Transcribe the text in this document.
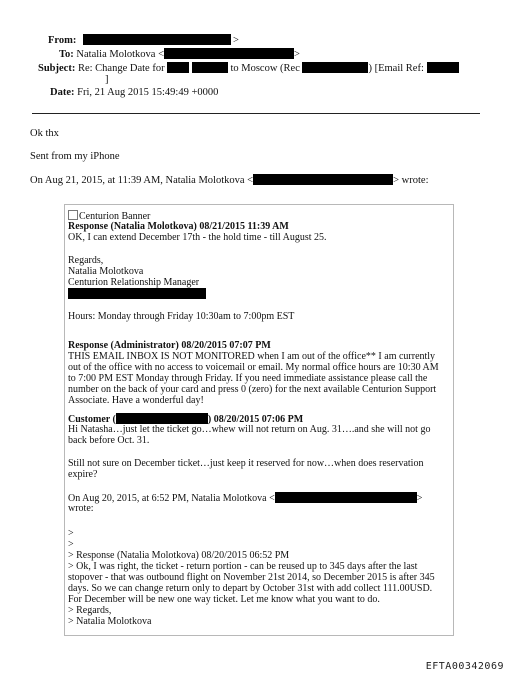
From:	>
To: Natalia Molotkova <	>
Subject: Re: Change Date for	to Moscow (Rec	) [Email Ref:
]
Date: Fri, 21 Aug 2015 15:49:49 +0000
Ok thx
Sent from my iPhone
On Aug 21, 2015, at 11:39 AM, Natalia Molotkova <	> wrote:
Centurion Banner
Response (Natalia Molotkova) 08/21/2015 11:39 AM
OK, I can extend December 17th - the hold time - till August 25.
Regards,
Natalia Molotkova
Centurion Relationship Manager
Hours: Monday through Friday 10:30am to 7:00pm EST
Response (Administrator) 08/20/2015 07:07 PM
THIS EMAIL INBOX IS NOT MONITORED when I am out of the office** I am currently
out of the office with no access to voicemail or email. My normal office hours are 10:30 AM
to 7:00 PM EST Monday through Friday. If you need immediate assistance please call the
number on the back of your card and press 0 (zero) for the next available Centurion Support
Associate. Have a wonderful day!
Customer (	) 08/20/2015 07:06 PM
Hi Natasha…just let the ticket go…whew will not return on Aug. 31….and she will not go
back before Oct. 31.
Still not sure on December ticket…just keep it reserved for now…when does reservation
expire?
On Aug 20, 2015, at 6:52 PM, Natalia Molotkova <	>
wrote:
>
>
> Response (Natalia Molotkova) 08/20/2015 06:52 PM
> Ok, I was right, the ticket - return portion - can be reused up to 345 days after the last
stopover - that was outbound flight on November 21st 2014, so December 2015 is after 345
days. So we can change return only to depart by October 31st with add collect 111.00USD.
For December will be new one way ticket. Let me know what you want to do.
> Regards,
> Natalia Molotkova
EFTA00342069
